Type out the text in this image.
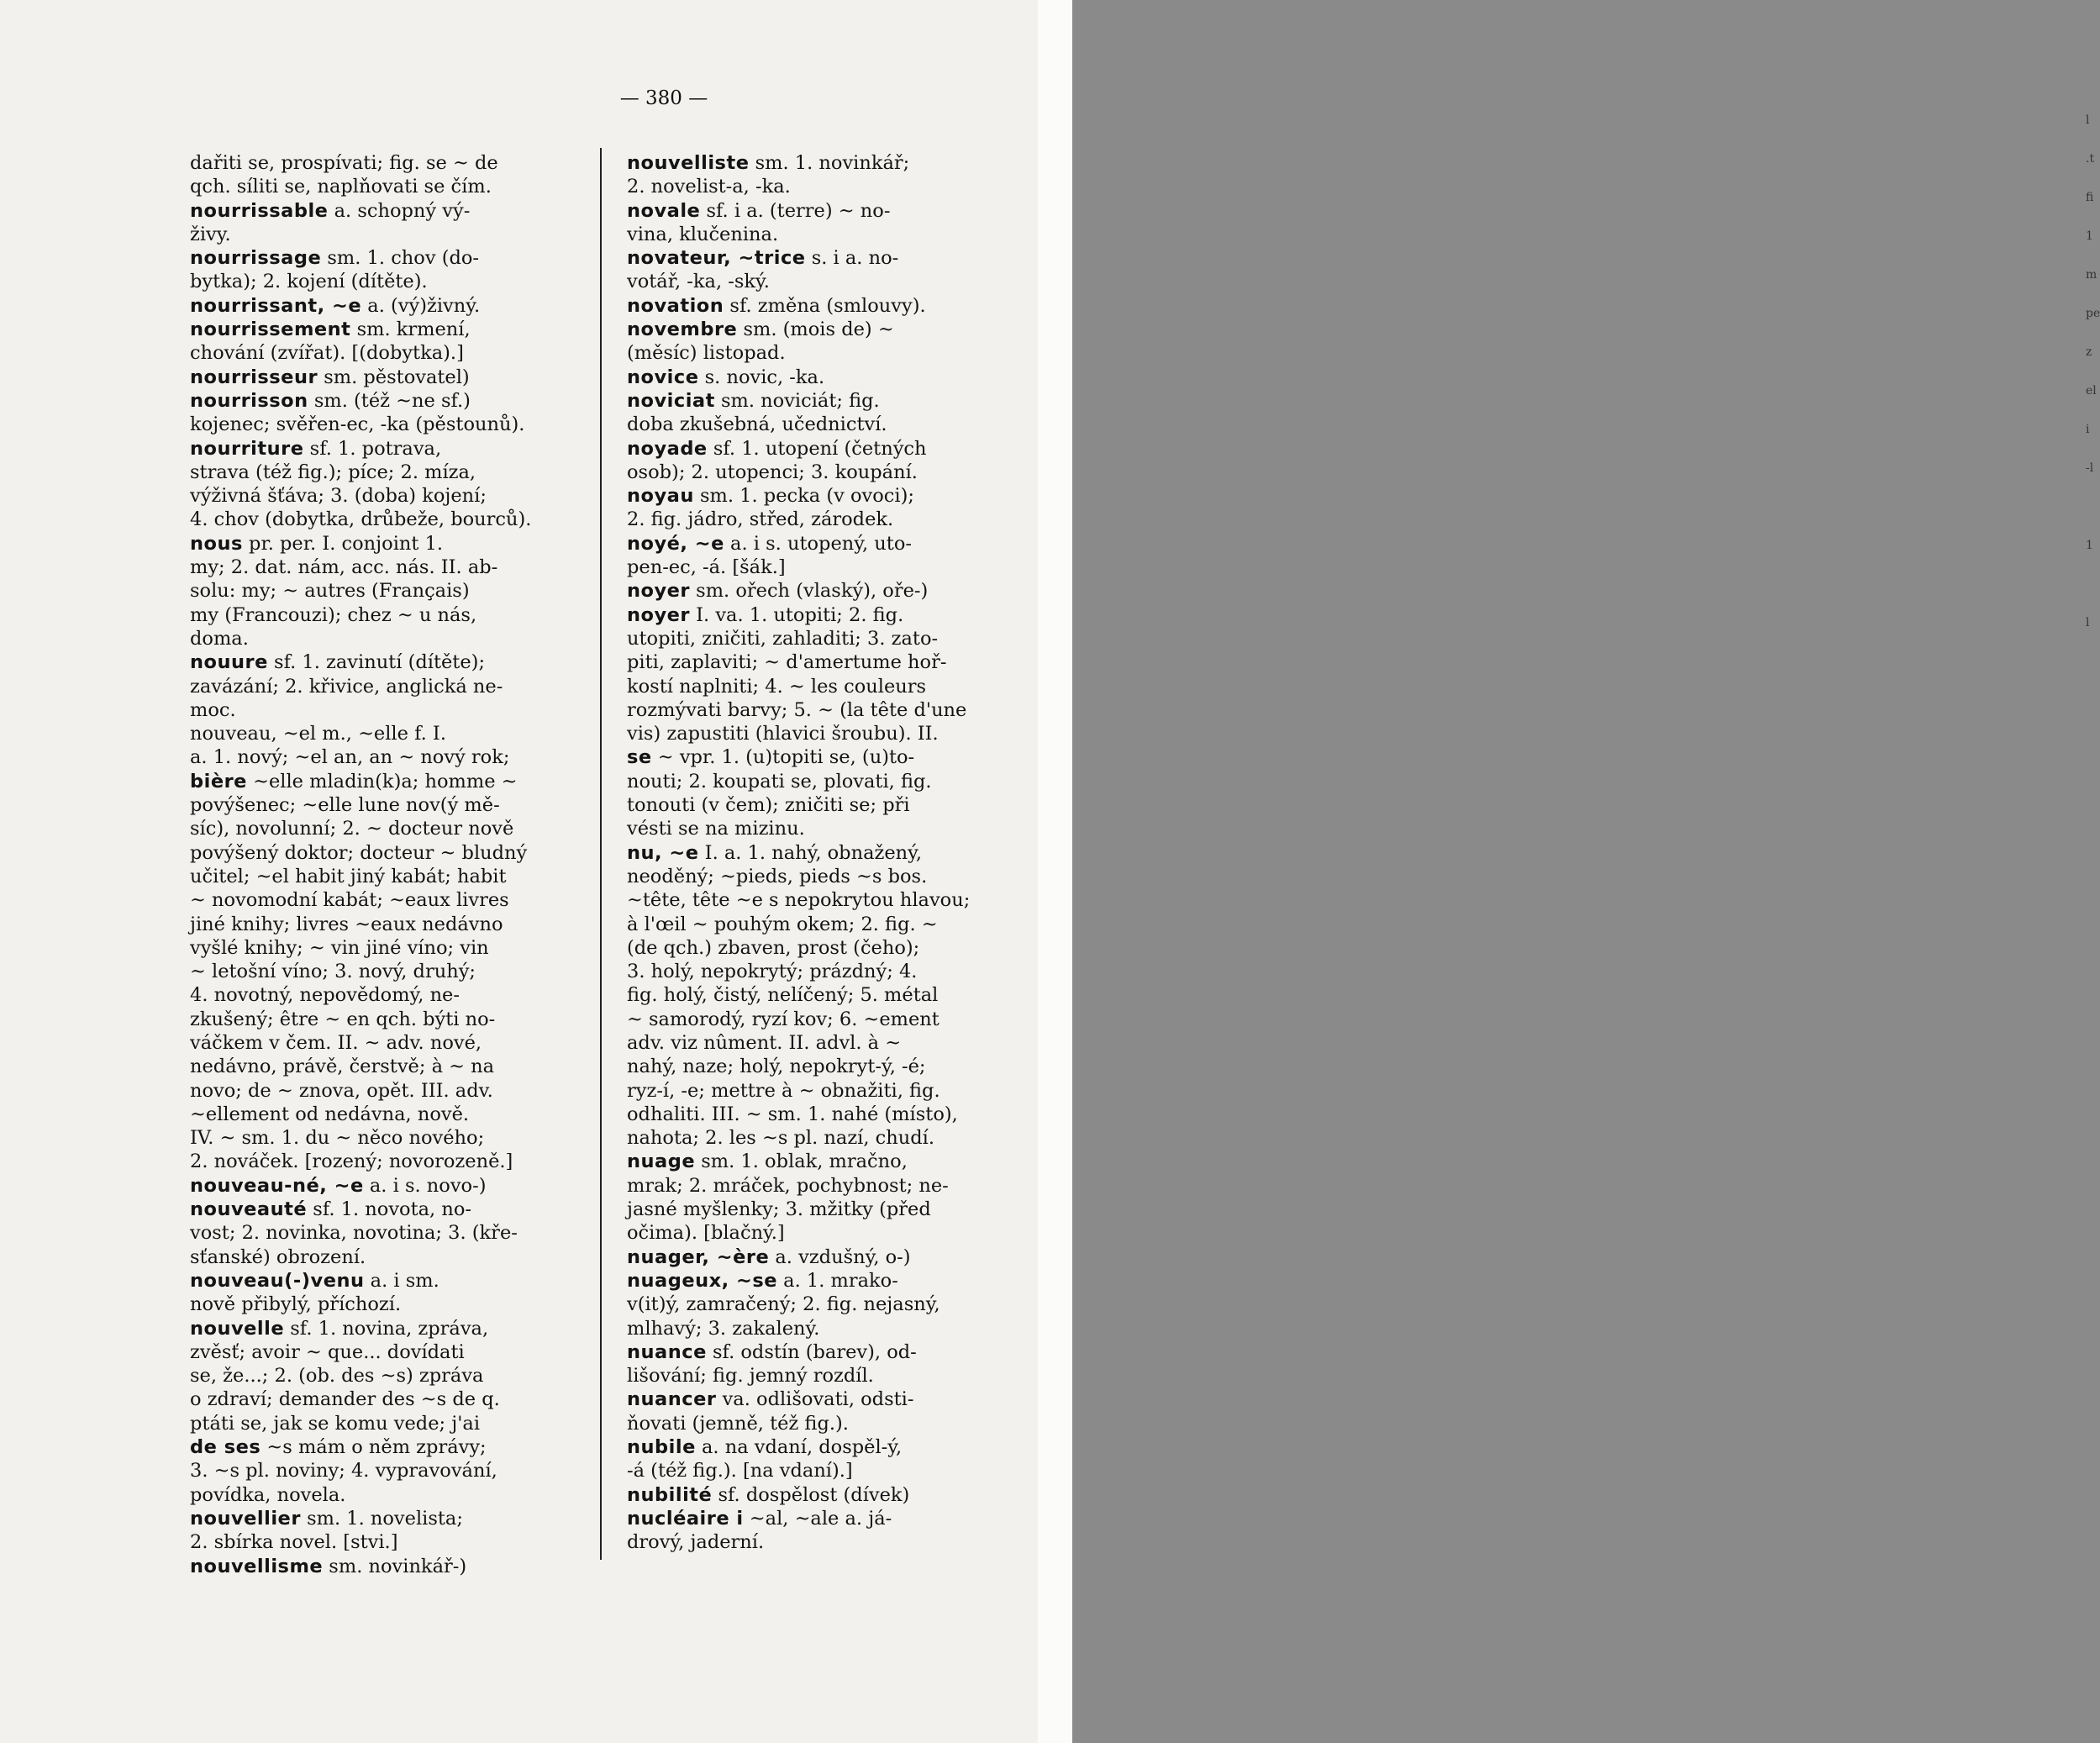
— 380 —
dařiti se, prospívati; fig. se ~ de
qch. síliti se, naplňovati se čím.
nourrissable a. schopný vý-
živy.
nourrissage sm. 1. chov (do-
bytka); 2. kojení (dítěte).
nourrissant, ~e a. (vý)živný.
nourrissement sm. krmení,
chování (zvířat). [(dobytka).]
nourrisseur sm. pěstovatel)
nourrisson sm. (též ~ne sf.)
kojenec; svěřen-ec, -ka (pěstounů).
nourriture sf. 1. potrava,
strava (též fig.); píce; 2. míza,
výživná šťáva; 3. (doba) kojení;
4. chov (dobytka, drůbeže, bourců).
nous pr. per. I. conjoint 1.
my; 2. dat. nám, acc. nás. II. ab-
solu: my; ~ autres (Français)
my (Francouzi); chez ~ u nás,
doma.
nouure sf. 1. zavinutí (dítěte);
zavázání; 2. křivice, anglická ne-
moc.
nouveau, ~el m., ~elle f. I.
a. 1. nový; ~el an, an ~ nový rok;
bière ~elle mladin(k)a; homme ~
povýšenec; ~elle lune nov(ý mě-
síc), novolunní; 2. ~ docteur nově
povýšený doktor; docteur ~ bludný
učitel; ~el habit jiný kabát; habit
~ novomodní kabát; ~eaux livres
jiné knihy; livres ~eaux nedávno
vyšlé knihy; ~ vin jiné víno; vin
~ letošní víno; 3. nový, druhý;
4. novotný, nepovědomý, ne-
zkušený; être ~ en qch. býti no-
váčkem v čem. II. ~ adv. nové,
nedávno, právě, čerstvě; à ~ na
novo; de ~ znova, opět. III. adv.
~ellement od nedávna, nově.
IV. ~ sm. 1. du ~ něco nového;
2. nováček. [rozený; novorozeně.]
nouveau-né, ~e a. i s. novo-)
nouveauté sf. 1. novota, no-
vost; 2. novinka, novotina; 3. (kře-
sťanské) obrození.
nouveau(-)venu a. i sm.
nově přibylý, příchozí.
nouvelle sf. 1. novina, zpráva,
zvěsť; avoir ~ que... dovídati
se, že...; 2. (ob. des ~s) zpráva
o zdraví; demander des ~s de q.
ptáti se, jak se komu vede; j'ai
de ses ~s mám o něm zprávy;
3. ~s pl. noviny; 4. vypravování,
povídka, novela.
nouvellier sm. 1. novelista;
2. sbírka novel. [stvi.]
nouvellisme sm. novinkář-)
nouvelliste sm. 1. novinkář;
2. novelist-a, -ka.
novale sf. i a. (terre) ~ no-
vina, klučenina.
novateur, ~trice s. i a. no-
votář, -ka, -ský.
novation sf. změna (smlouvy).
novembre sm. (mois de) ~
(měsíc) listopad.
novice s. novic, -ka.
noviciat sm. noviciát; fig.
doba zkušebná, učednictví.
noyade sf. 1. utopení (četných
osob); 2. utopenci; 3. koupání.
noyau sm. 1. pecka (v ovoci);
2. fig. jádro, střed, zárodek.
noyé, ~e a. i s. utopený, uto-
pen-ec, -á. [šák.]
noyer sm. ořech (vlaský), oře-)
noyer I. va. 1. utopiti; 2. fig.
utopiti, zničiti, zahladiti; 3. zato-
piti, zaplaviti; ~ d'amertume hoř-
kostí naplniti; 4. ~ les couleurs
rozmývati barvy; 5. ~ (la tête d'une
vis) zapustiti (hlavici šroubu). II.
se ~ vpr. 1. (u)topiti se, (u)to-
nouti; 2. koupati se, plovati, fig.
tonouti (v čem); zničiti se; při
vésti se na mizinu.
nu, ~e I. a. 1. nahý, obnažený,
neoděný; ~pieds, pieds ~s bos.
~tête, tête ~e s nepokrytou hlavou;
à l'œil ~ pouhým okem; 2. fig. ~
(de qch.) zbaven, prost (čeho);
3. holý, nepokrytý; prázdný; 4.
fig. holý, čistý, nelíčený; 5. métal
~ samorodý, ryzí kov; 6. ~ement
adv. viz nûment. II. advl. à ~
nahý, naze; holý, nepokryt-ý, -é;
ryz-í, -e; mettre à ~ obnažiti, fig.
odhaliti. III. ~ sm. 1. nahé (místo),
nahota; 2. les ~s pl. nazí, chudí.
nuage sm. 1. oblak, mračno,
mrak; 2. mráček, pochybnost; ne-
jasné myšlenky; 3. mžitky (před
očima). [blačný.]
nuager, ~ère a. vzdušný, o-)
nuageux, ~se a. 1. mrako-
v(it)ý, zamračený; 2. fig. nejasný,
mlhavý; 3. zakalený.
nuance sf. odstín (barev), od-
lišování; fig. jemný rozdíl.
nuancer va. odlišovati, odsti-
ňovati (jemně, též fig.).
nubile a. na vdaní, dospěl-ý,
-á (též fig.). [na vdaní).]
nubilité sf. dospělost (dívek)
nucléaire i ~al, ~ale a. já-
drový, jaderní.
l
.t
fi
1
m
pe
z
el
i
-l

1

l
